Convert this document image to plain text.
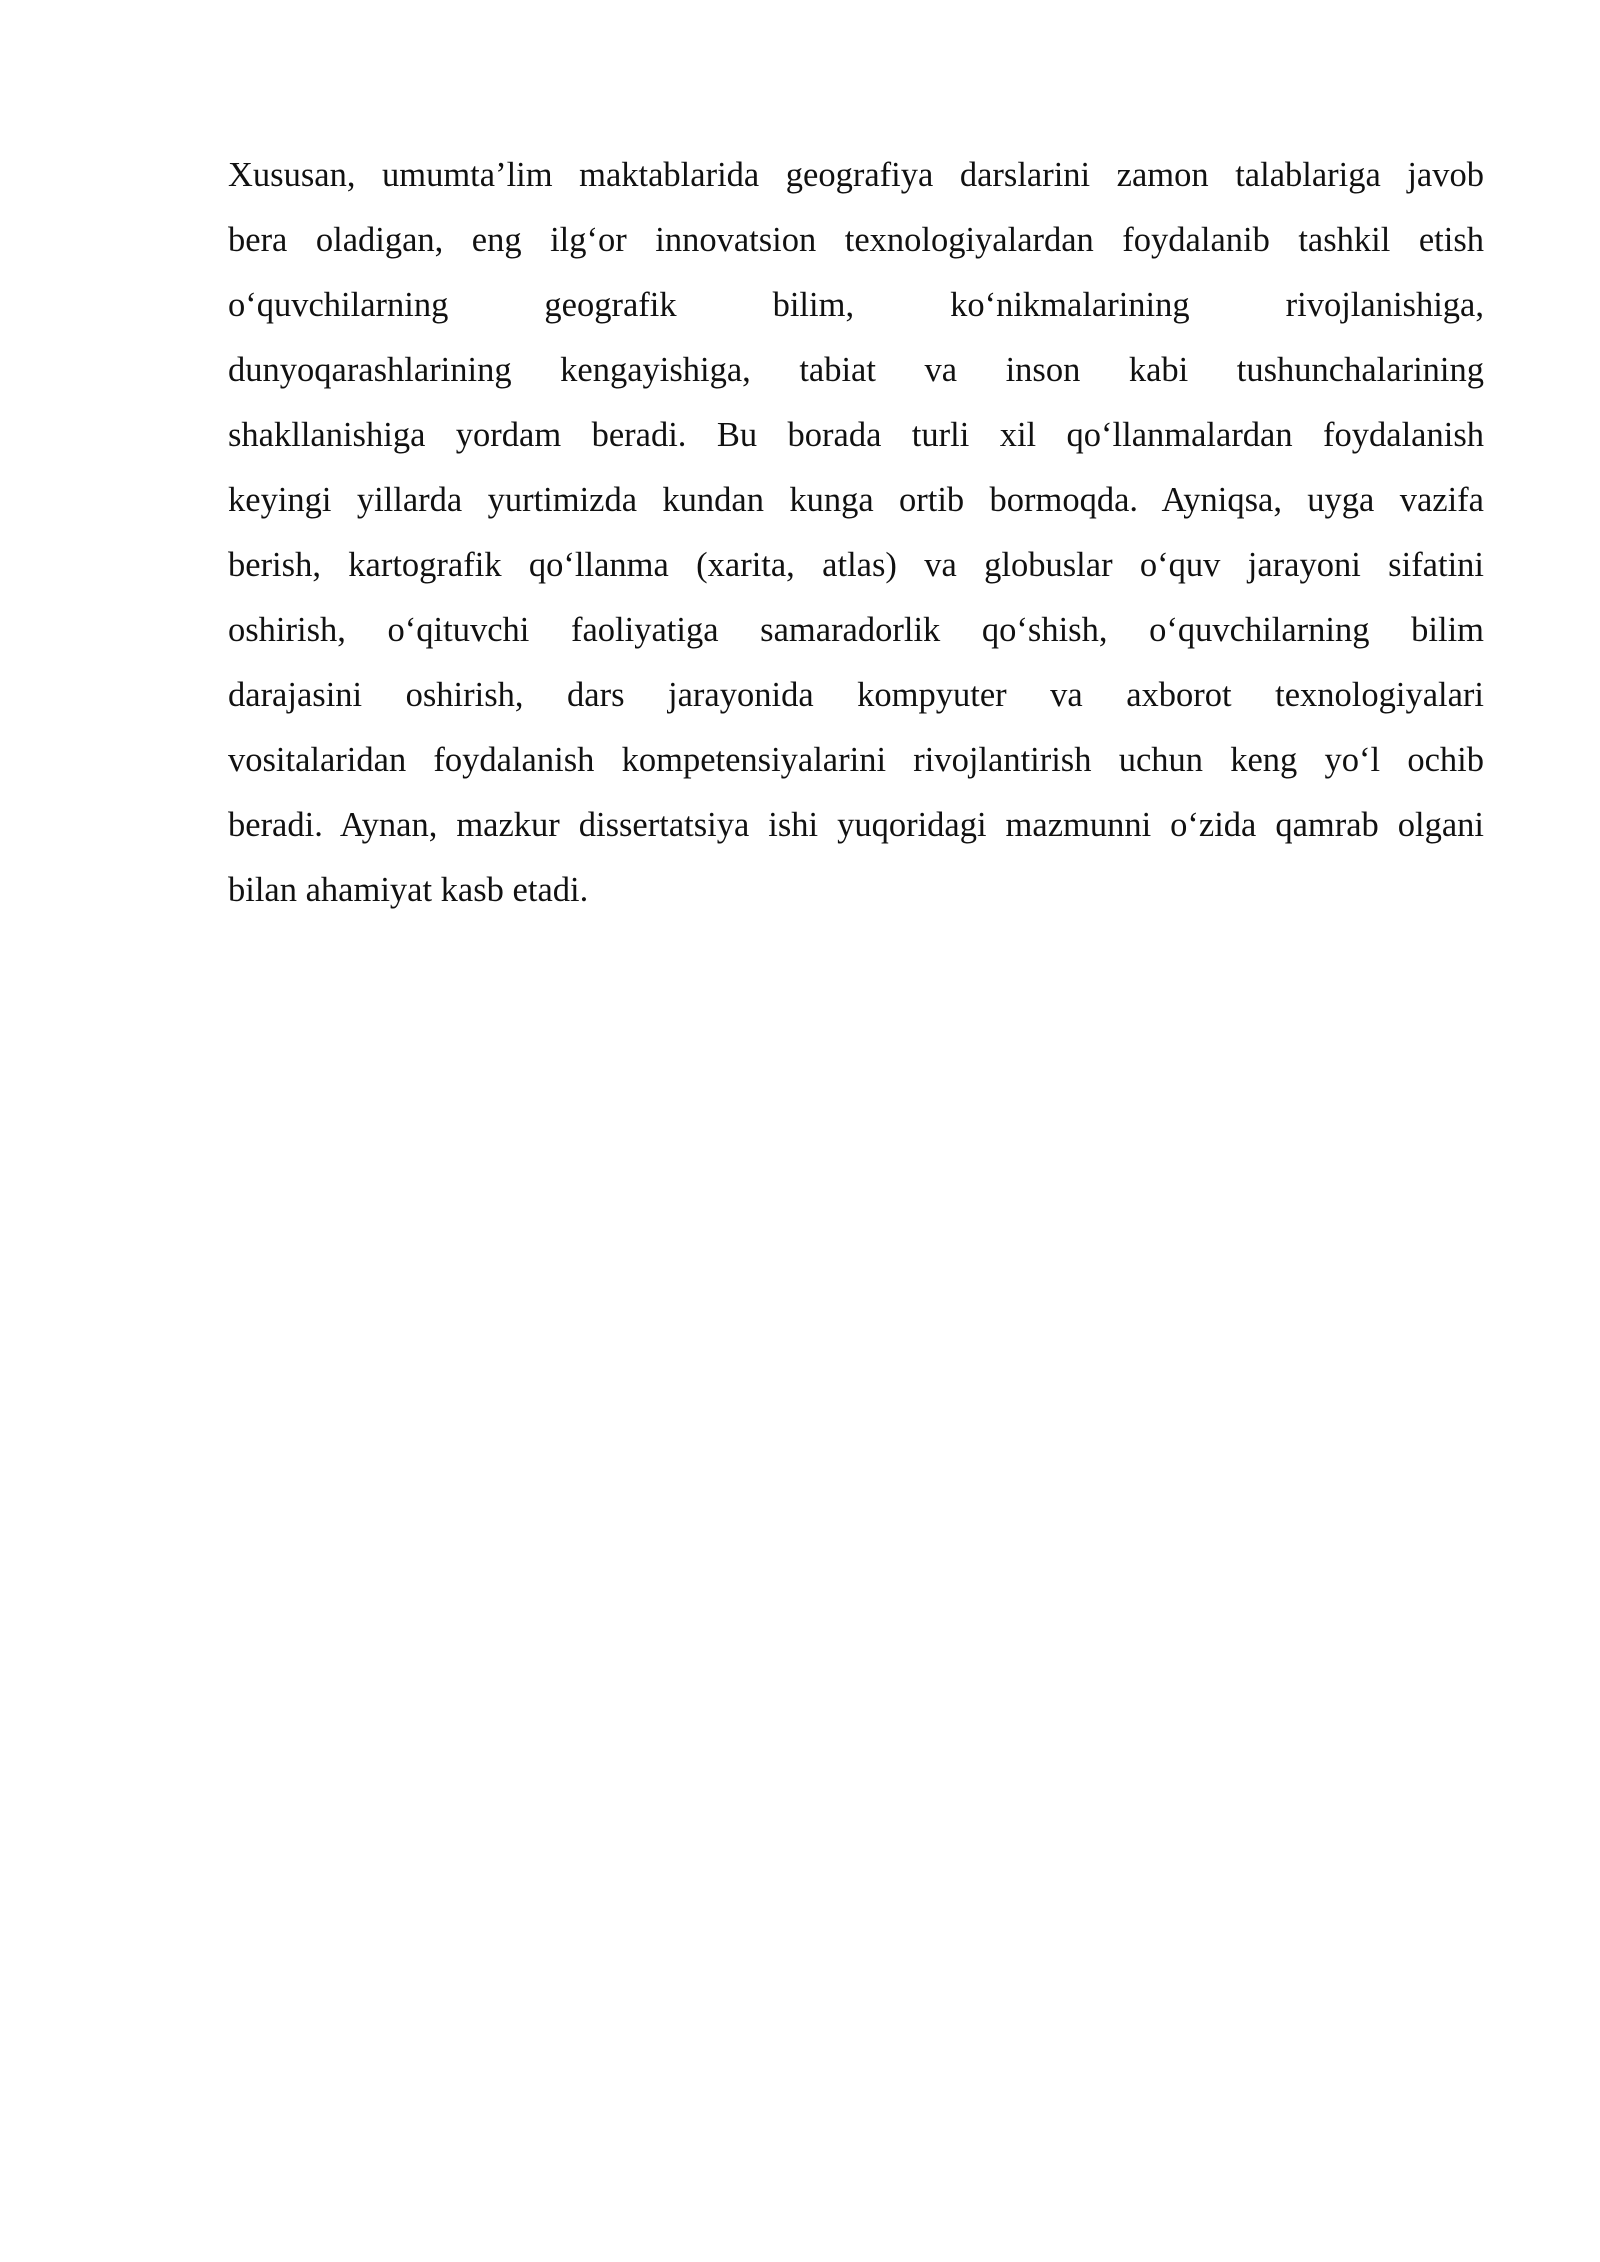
Xususan, umumta’lim maktablarida geografiya darslarini zamon talablariga javob
bera oladigan, eng ilg‘or innovatsion texnologiyalardan foydalanib tashkil etish
o‘quvchilarning geografik bilim, ko‘nikmalarining rivojlanishiga,
dunyoqarashlarining kengayishiga, tabiat va inson kabi tushunchalarining
shakllanishiga yordam beradi. Bu borada turli xil qo‘llanmalardan foydalanish
keyingi yillarda yurtimizda kundan kunga ortib bormoqda. Ayniqsa, uyga vazifa
berish, kartografik qo‘llanma (xarita, atlas) va globuslar o‘quv jarayoni sifatini
oshirish, o‘qituvchi faoliyatiga samaradorlik qo‘shish, o‘quvchilarning bilim
darajasini oshirish, dars jarayonida kompyuter va axborot texnologiyalari
vositalaridan foydalanish kompetensiyalarini rivojlantirish uchun keng yo‘l ochib
beradi. Aynan, mazkur dissertatsiya ishi yuqoridagi mazmunni o‘zida qamrab olgani
bilan ahamiyat kasb etadi.
